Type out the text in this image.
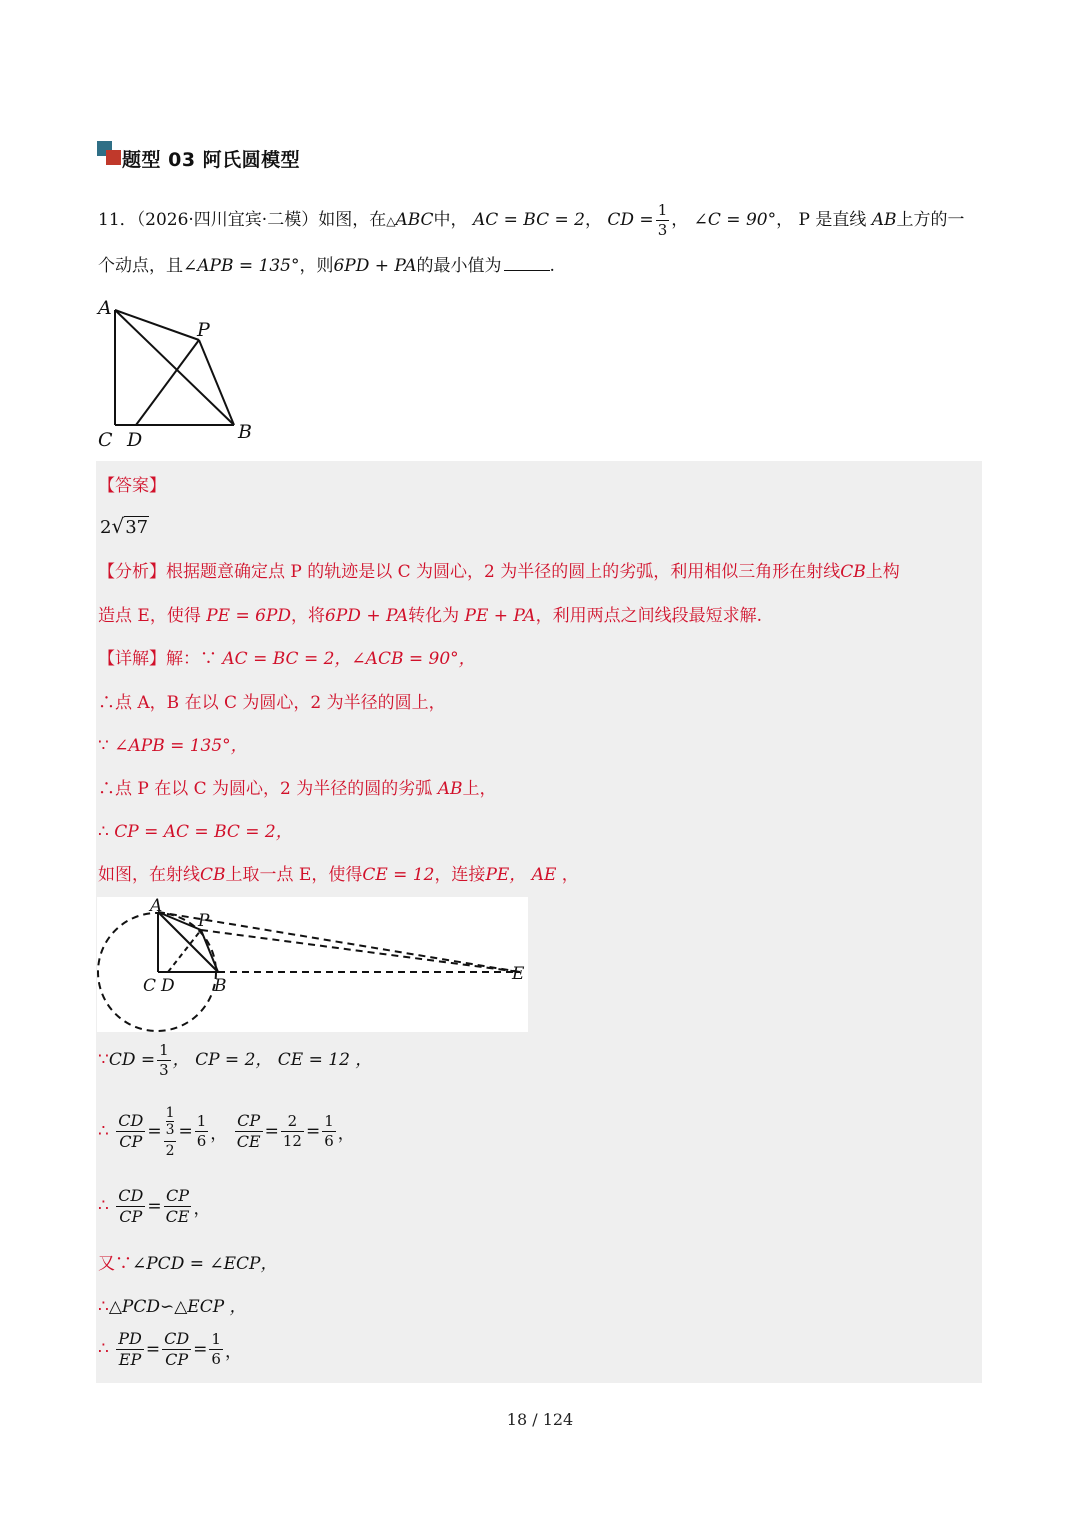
题型 03 阿氏圆模型
11．（2026·四川宜宾·二模）如图，在△ABC中， AC = BC = 2， CD = $\frac{1}{3}$ ， ∠C = 90°， P 是直线 AB上方的一
个动点，且∠APB = 135°，则6PD + PA的最小值为	.
A
P
C D	B
【答案】
2√37
【分析】根据题意确定点 P 的轨迹是以 C 为圆心，2 为半径的圆上的劣弧，利用相似三角形在射线CB上构
造点 E，使得 PE = 6PD，将6PD + PA转化为 PE + PA，利用两点之间线段最短求解.
【详解】解：∵ AC = BC = 2，∠ACB = 90°，
∴点 A，B 在以 C 为圆心，2 为半径的圆上，
∵ ∠APB = 135°，
∴点 P 在以 C 为圆心，2 为半径的圆的劣弧 AB上，
∴ CP = AC = BC = 2，
如图，在射线CB上取一点 E，使得CE = 12，连接PE， AE ，
A
P
C D B
E
∵CD = $\frac{1}{3}$ ， CP = 2， CE = 12 ，
∴ $\frac{CD}{CP}$ =
1
3
2
= $\frac{1}{6}$ ， $\frac{CP}{CE} = \frac{2}{12} = \frac{1}{6}$ ，
∴ $\frac{CD}{CP} = \frac{CP}{CE}$ ，
又∵∠PCD = ∠ECP，
∴△PCD∽△ECP ，
∴ $\frac{PD}{EP} = \frac{CD}{CP} = \frac{1}{6}$ ，
18 / 124
